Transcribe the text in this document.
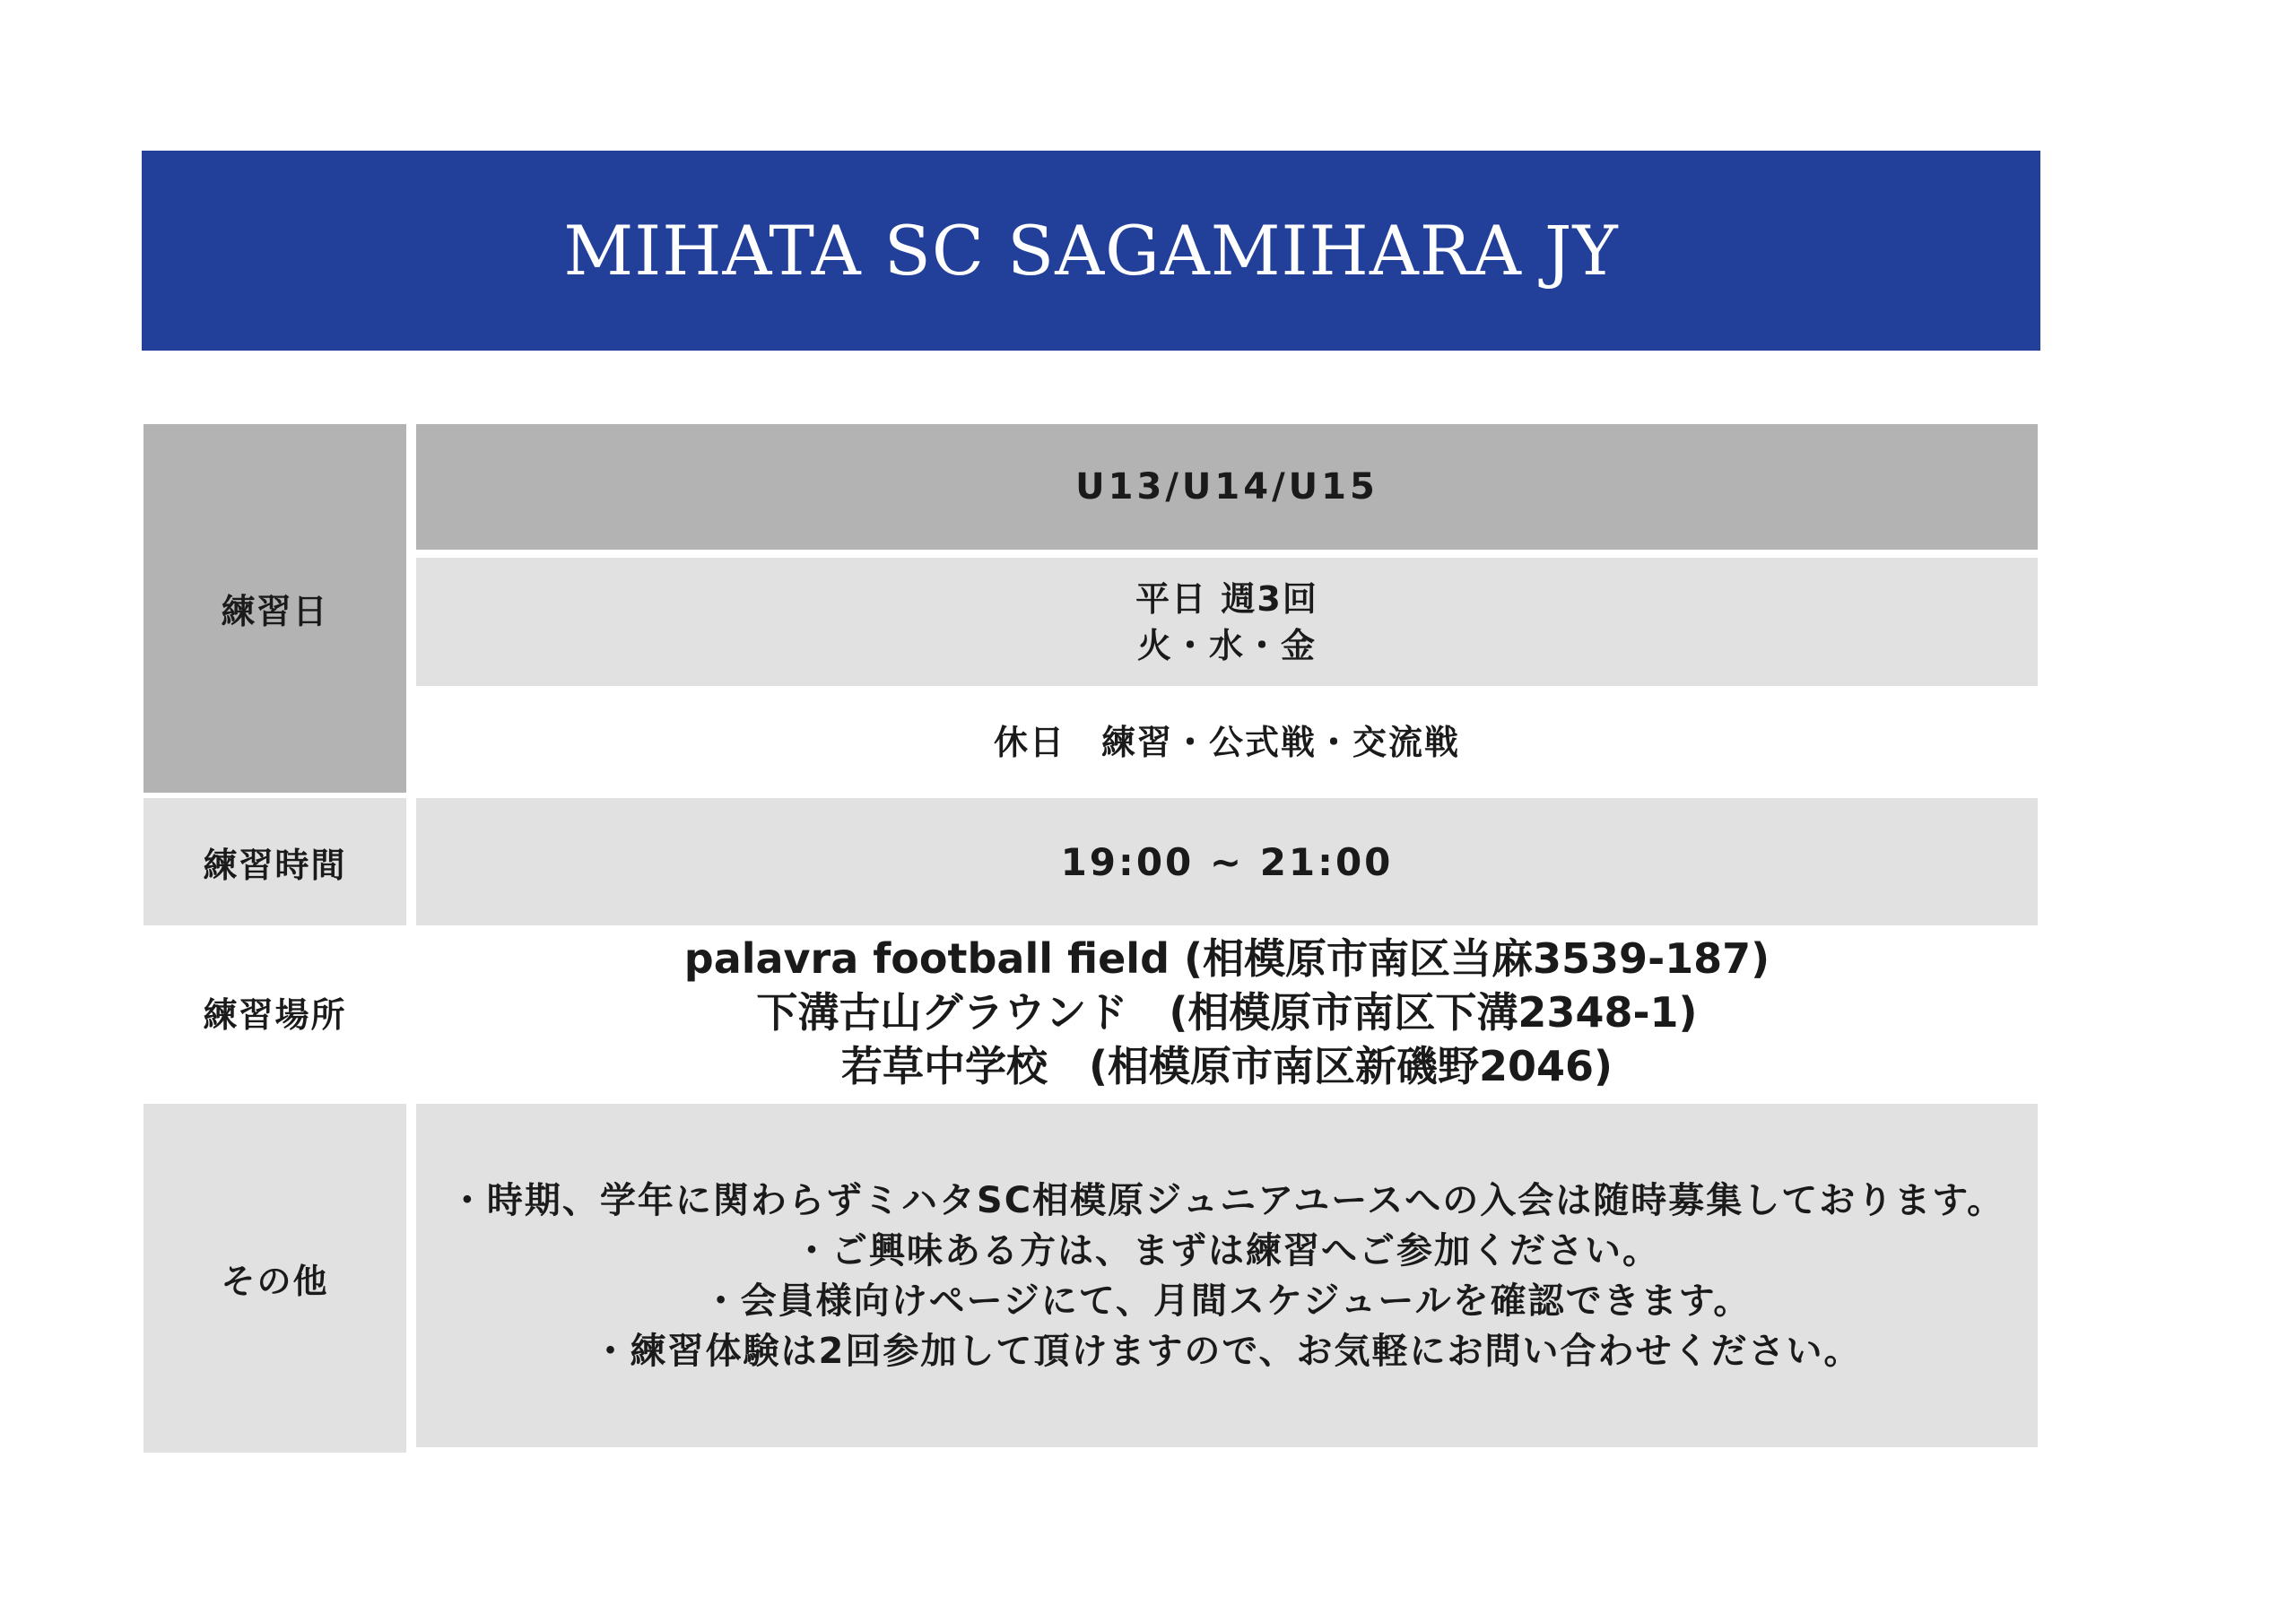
MIHATA SC SAGAMIHARA JY
練習日
U13/U14/U15
平日 週3回
火・水・金
休日　練習・公式戦・交流戦
練習時間	19:00 ~ 21:00
練習場所
palavra football field (相模原市南区当麻3539-187)
下溝古山グラウンド　(相模原市南区下溝2348-1)
若草中学校　(相模原市南区新磯野2046)
その他
・時期、学年に関わらずミハタSC相模原ジュニアユースへの入会は随時募集しております。
・ご興味ある方は、まずは練習へご参加ください。
・会員様向けページにて、月間スケジュールを確認できます。
・練習体験は2回参加して頂けますので、お気軽にお問い合わせください。
